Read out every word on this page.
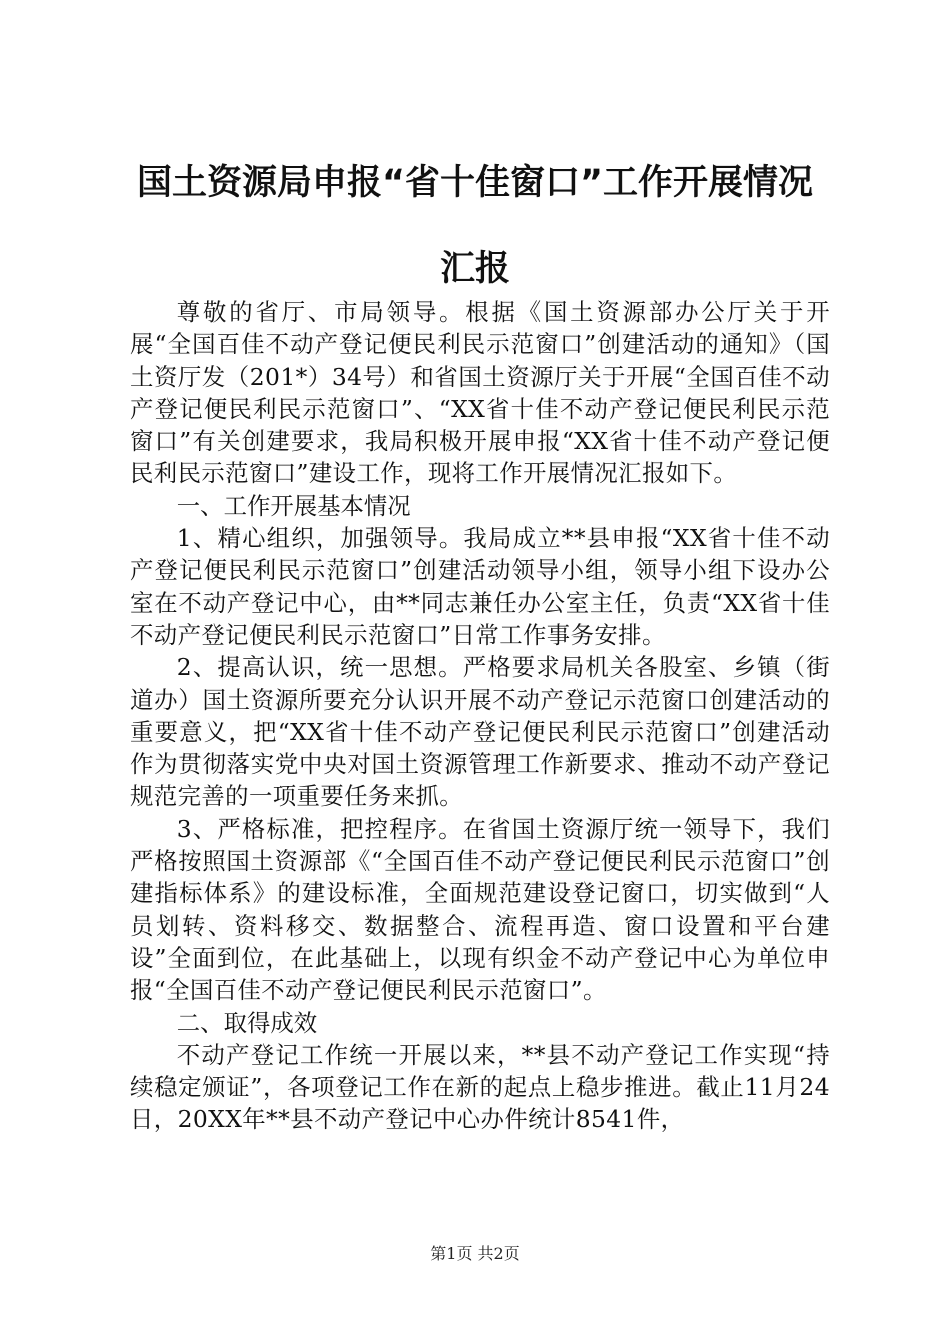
国土资源局申报“省十佳窗口”工作开展情况
汇报

尊敬的省厅、市局领导。根据《国土资源部办公厅关于开展“全国百佳不动产登记便民利民示范窗口”创建活动的通知》（国土资厅发（201*）34号）和省国土资源厅关于开展“全国百佳不动产登记便民利民示范窗口”、“XX省十佳不动产登记便民利民示范窗口”有关创建要求，我局积极开展申报“XX省十佳不动产登记便民利民示范窗口”建设工作，现将工作开展情况汇报如下。

一、工作开展基本情况

1、精心组织，加强领导。我局成立**县申报“XX省十佳不动产登记便民利民示范窗口”创建活动领导小组，领导小组下设办公室在不动产登记中心，由**同志兼任办公室主任，负责“XX省十佳不动产登记便民利民示范窗口”日常工作事务安排。

2、提高认识，统一思想。严格要求局机关各股室、乡镇（街道办）国土资源所要充分认识开展不动产登记示范窗口创建活动的重要意义，把“XX省十佳不动产登记便民利民示范窗口”创建活动作为贯彻落实党中央对国土资源管理工作新要求、推动不动产登记规范完善的一项重要任务来抓。

3、严格标准，把控程序。在省国土资源厅统一领导下，我们严格按照国土资源部《“全国百佳不动产登记便民利民示范窗口”创建指标体系》的建设标准，全面规范建设登记窗口，切实做到“人员划转、资料移交、数据整合、流程再造、窗口设置和平台建设”全面到位，在此基础上，以现有织金不动产登记中心为单位申报“全国百佳不动产登记便民利民示范窗口”。

二、取得成效

不动产登记工作统一开展以来，**县不动产登记工作实现“持续稳定颁证”，各项登记工作在新的起点上稳步推进。截止11月24日，20XX年**县不动产登记中心办件统计8541件，

第1页 共2页
